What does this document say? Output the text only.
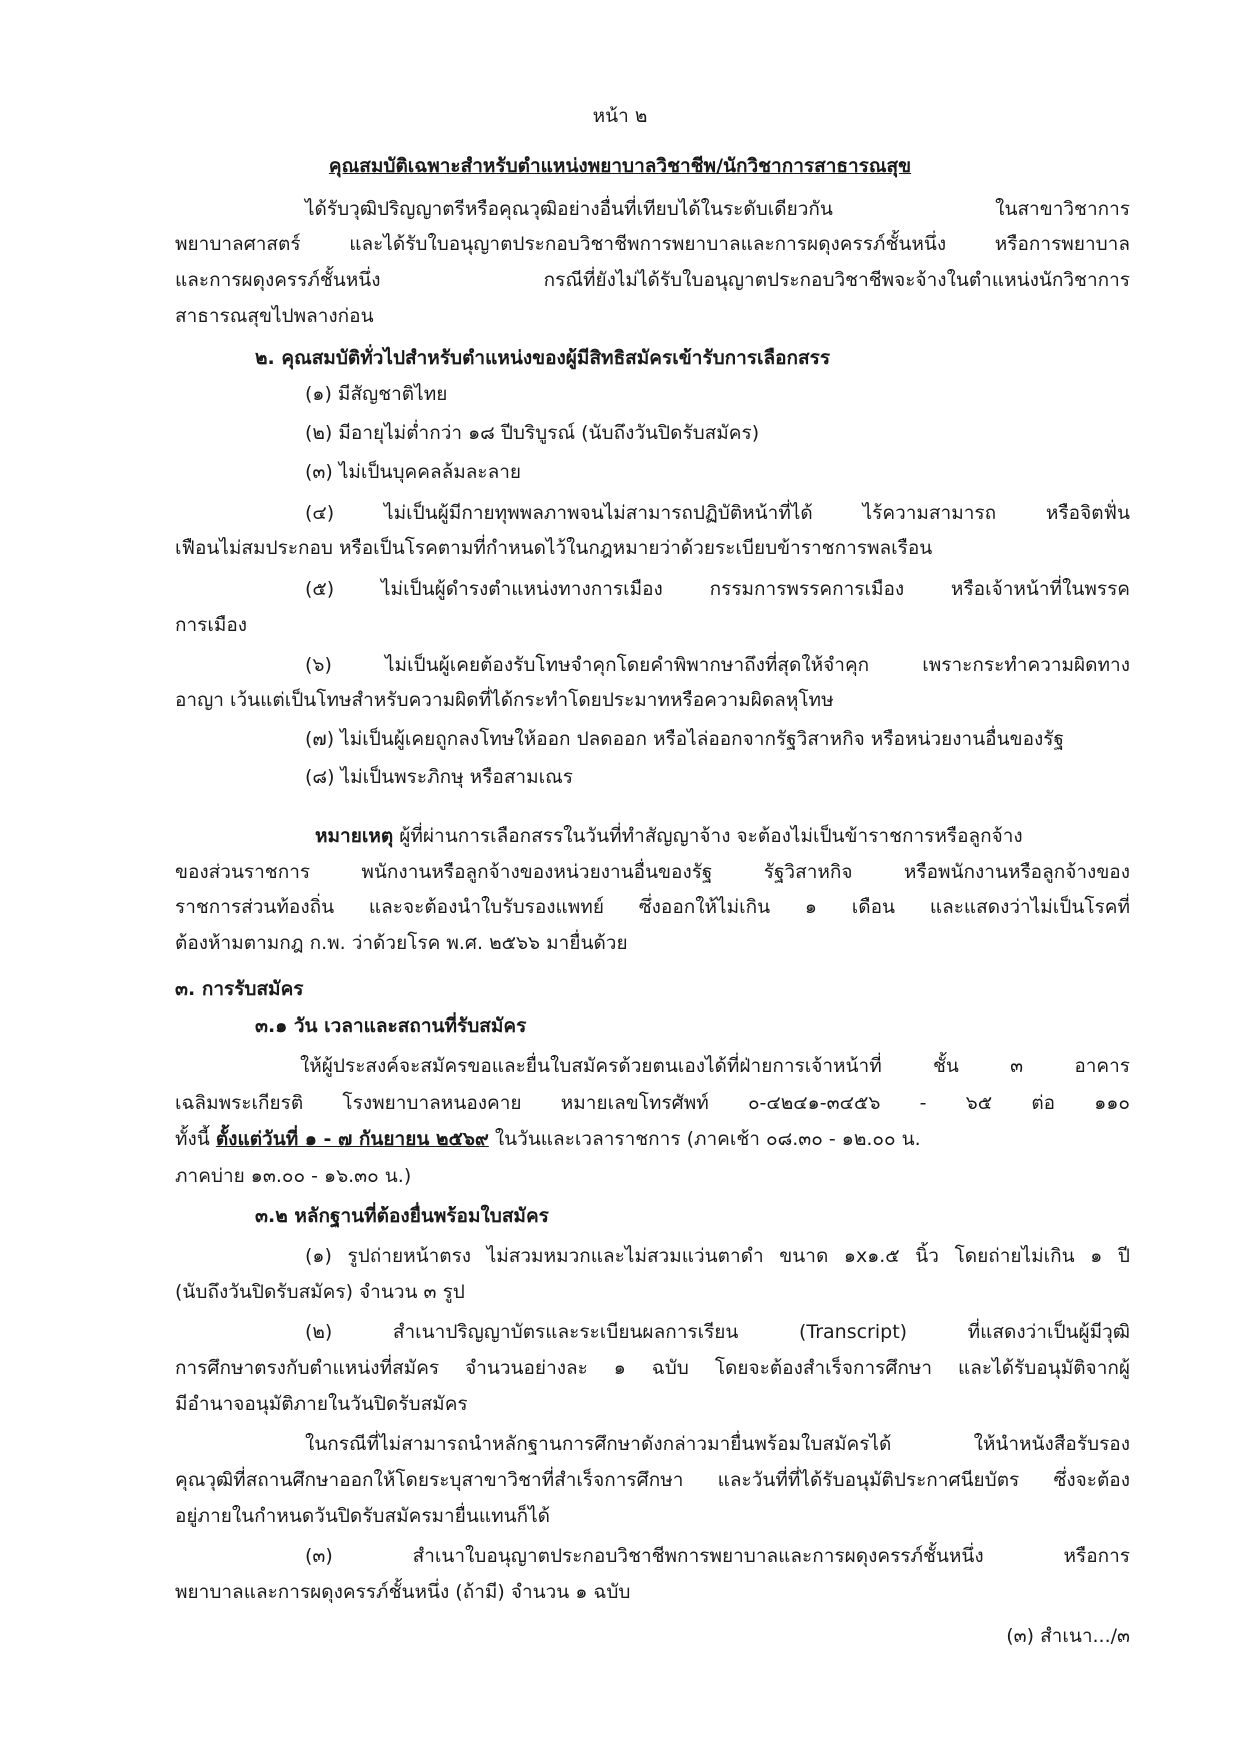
หน้า ๒
คุณสมบัติเฉพาะสำหรับตำแหน่งพยาบาลวิชาชีพ/นักวิชาการสาธารณสุข
ได้รับวุฒิปริญญาตรีหรือคุณวุฒิอย่างอื่นที่เทียบได้ในระดับเดียวกัน ในสาขาวิชาการ
พยาบาลศาสตร์ และได้รับใบอนุญาตประกอบวิชาชีพการพยาบาลและการผดุงครรภ์ชั้นหนึ่ง หรือการพยาบาล
และการผดุงครรภ์ชั้นหนึ่ง กรณีที่ยังไม่ได้รับใบอนุญาตประกอบวิชาชีพจะจ้างในตำแหน่งนักวิชาการ
สาธารณสุขไปพลางก่อน
๒. คุณสมบัติทั่วไปสำหรับตำแหน่งของผู้มีสิทธิสมัครเข้ารับการเลือกสรร
(๑) มีสัญชาติไทย
(๒) มีอายุไม่ต่ำกว่า ๑๘ ปีบริบูรณ์ (นับถึงวันปิดรับสมัคร)
(๓) ไม่เป็นบุคคลล้มละลาย
(๔) ไม่เป็นผู้มีกายทุพพลภาพจนไม่สามารถปฏิบัติหน้าที่ได้ ไร้ความสามารถ หรือจิตฟั่น
เฟือนไม่สมประกอบ หรือเป็นโรคตามที่กำหนดไว้ในกฎหมายว่าด้วยระเบียบข้าราชการพลเรือน
(๕) ไม่เป็นผู้ดำรงตำแหน่งทางการเมือง กรรมการพรรคการเมือง หรือเจ้าหน้าที่ในพรรค
การเมือง
(๖) ไม่เป็นผู้เคยต้องรับโทษจำคุกโดยคำพิพากษาถึงที่สุดให้จำคุก เพราะกระทำความผิดทาง
อาญา เว้นแต่เป็นโทษสำหรับความผิดที่ได้กระทำโดยประมาทหรือความผิดลหุโทษ
(๗) ไม่เป็นผู้เคยถูกลงโทษให้ออก ปลดออก หรือไล่ออกจากรัฐวิสาหกิจ หรือหน่วยงานอื่นของรัฐ
(๘) ไม่เป็นพระภิกษุ หรือสามเณร
หมายเหตุ ผู้ที่ผ่านการเลือกสรรในวันที่ทำสัญญาจ้าง จะต้องไม่เป็นข้าราชการหรือลูกจ้าง
ของส่วนราชการ พนักงานหรือลูกจ้างของหน่วยงานอื่นของรัฐ รัฐวิสาหกิจ หรือพนักงานหรือลูกจ้างของ
ราชการส่วนท้องถิ่น และจะต้องนำใบรับรองแพทย์ ซึ่งออกให้ไม่เกิน ๑ เดือน และแสดงว่าไม่เป็นโรคที่
ต้องห้ามตามกฎ ก.พ. ว่าด้วยโรค พ.ศ. ๒๕๖๖ มายื่นด้วย
๓. การรับสมัคร
๓.๑ วัน เวลาและสถานที่รับสมัคร
ให้ผู้ประสงค์จะสมัครขอและยื่นใบสมัครด้วยตนเองได้ที่ฝ่ายการเจ้าหน้าที่ ชั้น ๓ อาคาร
เฉลิมพระเกียรติ โรงพยาบาลหนองคาย หมายเลขโทรศัพท์ ๐-๔๒๔๑-๓๔๕๖ - ๖๕ ต่อ ๑๑๐
ทั้งนี้ ตั้งแต่วันที่ ๑ - ๗ กันยายน ๒๕๖๙ ในวันและเวลาราชการ (ภาคเช้า ๐๘.๓๐ - ๑๒.๐๐ น.
ภาคบ่าย ๑๓.๐๐ - ๑๖.๓๐ น.)
๓.๒ หลักฐานที่ต้องยื่นพร้อมใบสมัคร
(๑) รูปถ่ายหน้าตรง ไม่สวมหมวกและไม่สวมแว่นตาดำ ขนาด ๑x๑.๕ นิ้ว โดยถ่ายไม่เกิน ๑ ปี
(นับถึงวันปิดรับสมัคร) จำนวน ๓ รูป
(๒) สำเนาปริญญาบัตรและระเบียนผลการเรียน (Transcript) ที่แสดงว่าเป็นผู้มีวุฒิ
การศึกษาตรงกับตำแหน่งที่สมัคร จำนวนอย่างละ ๑ ฉบับ โดยจะต้องสำเร็จการศึกษา และได้รับอนุมัติจากผู้
มีอำนาจอนุมัติภายในวันปิดรับสมัคร
ในกรณีที่ไม่สามารถนำหลักฐานการศึกษาดังกล่าวมายื่นพร้อมใบสมัครได้ ให้นำหนังสือรับรอง
คุณวุฒิที่สถานศึกษาออกให้โดยระบุสาขาวิชาที่สำเร็จการศึกษา และวันที่ที่ได้รับอนุมัติประกาศนียบัตร ซึ่งจะต้อง
อยู่ภายในกำหนดวันปิดรับสมัครมายื่นแทนก็ได้
(๓) สำเนาใบอนุญาตประกอบวิชาชีพการพยาบาลและการผดุงครรภ์ชั้นหนึ่ง หรือการ
พยาบาลและการผดุงครรภ์ชั้นหนึ่ง (ถ้ามี) จำนวน ๑ ฉบับ
(๓) สำเนา.../๓
